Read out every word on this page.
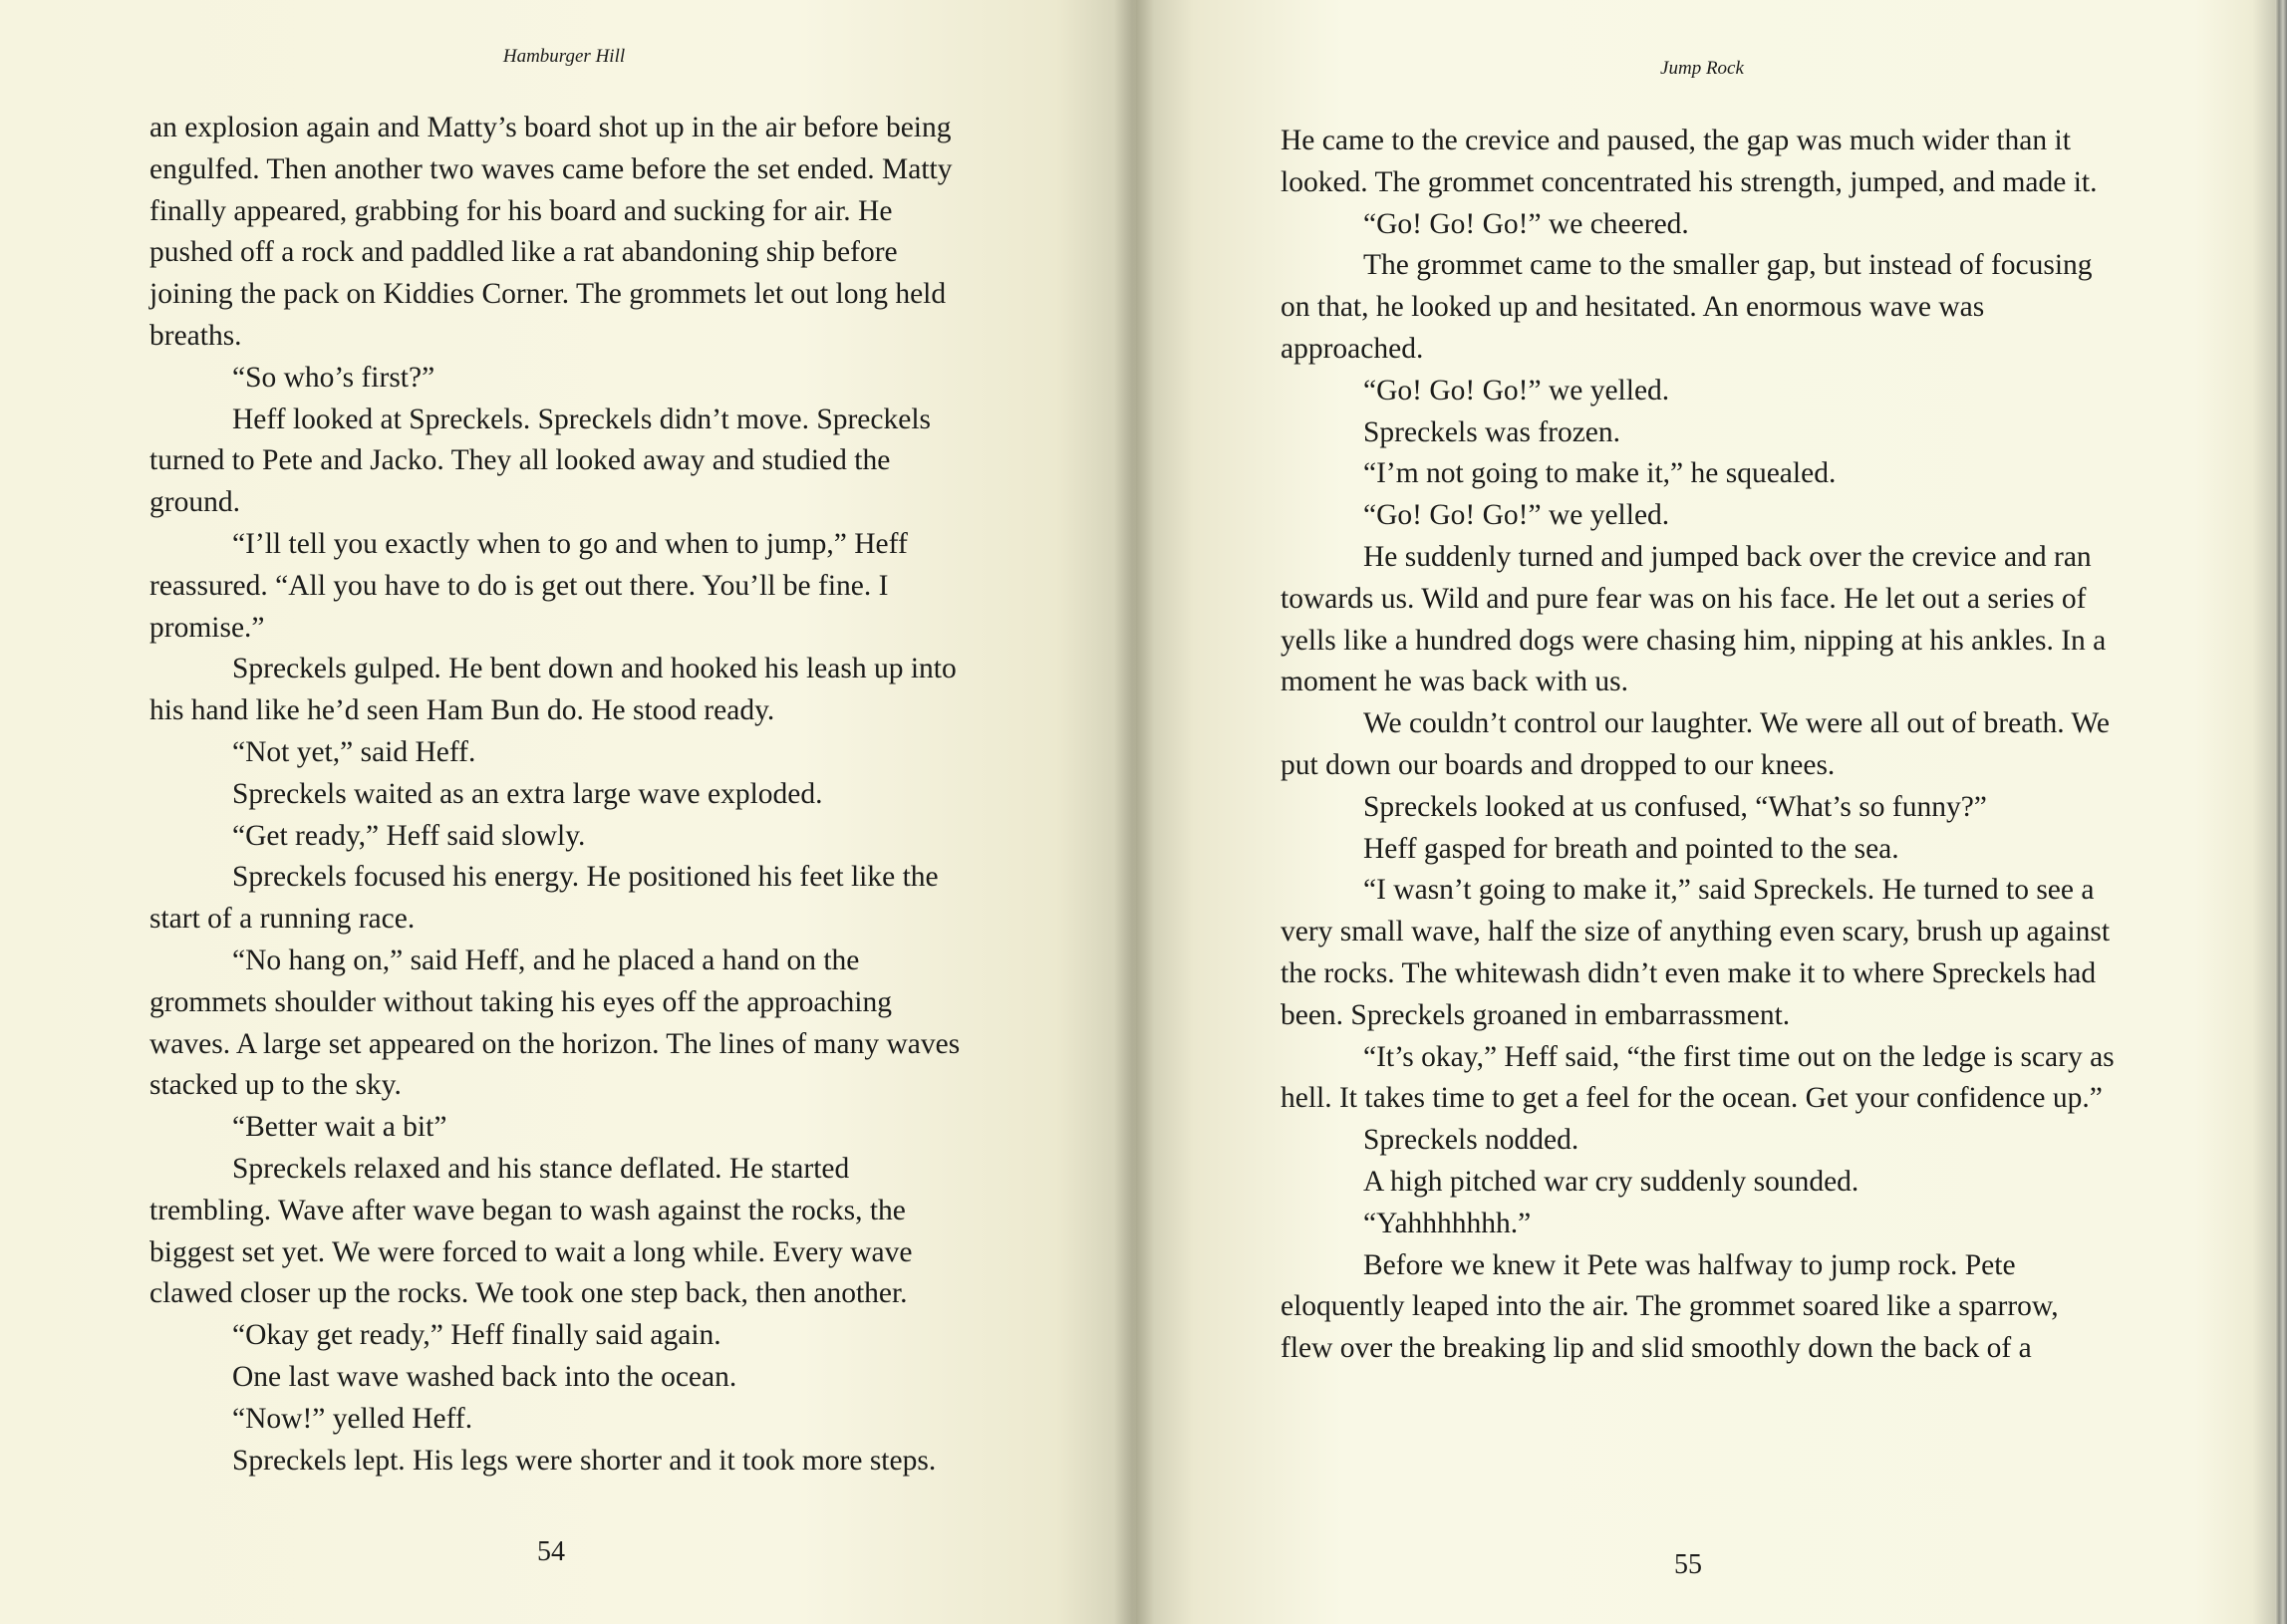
Hamburger Hill

an explosion again and Matty’s board shot up in the air before being engulfed. Then another two waves came before the set ended. Matty finally appeared, grabbing for his board and sucking for air. He pushed off a rock and paddled like a rat abandoning ship before joining the pack on Kiddies Corner. The grommets let out long held breaths.

“So who’s first?”

Heff looked at Spreckels. Spreckels didn’t move. Spreckels turned to Pete and Jacko. They all looked away and studied the ground.

“I’ll tell you exactly when to go and when to jump,” Heff reassured. “All you have to do is get out there. You’ll be fine. I promise.”

Spreckels gulped. He bent down and hooked his leash up into his hand like he’d seen Ham Bun do. He stood ready.

“Not yet,” said Heff.

Spreckels waited as an extra large wave exploded.

“Get ready,” Heff said slowly.

Spreckels focused his energy. He positioned his feet like the start of a running race.

“No hang on,” said Heff, and he placed a hand on the grommets shoulder without taking his eyes off the approaching waves. A large set appeared on the horizon. The lines of many waves stacked up to the sky.

“Better wait a bit”

Spreckels relaxed and his stance deflated. He started trembling. Wave after wave began to wash against the rocks, the biggest set yet. We were forced to wait a long while. Every wave clawed closer up the rocks. We took one step back, then another.

“Okay get ready,” Heff finally said again.

One last wave washed back into the ocean.

“Now!” yelled Heff.

Spreckels lept. His legs were shorter and it took more steps.

54
Jump Rock

He came to the crevice and paused, the gap was much wider than it looked. The grommet concentrated his strength, jumped, and made it.

“Go! Go! Go!” we cheered.

The grommet came to the smaller gap, but instead of focusing on that, he looked up and hesitated. An enormous wave was approached.

“Go! Go! Go!” we yelled.

Spreckels was frozen.

“I’m not going to make it,” he squealed.

“Go! Go! Go!” we yelled.

He suddenly turned and jumped back over the crevice and ran towards us. Wild and pure fear was on his face. He let out a series of yells like a hundred dogs were chasing him, nipping at his ankles. In a moment he was back with us.

We couldn’t control our laughter. We were all out of breath. We put down our boards and dropped to our knees.

Spreckels looked at us confused, “What’s so funny?”

Heff gasped for breath and pointed to the sea.

“I wasn’t going to make it,” said Spreckels. He turned to see a very small wave, half the size of anything even scary, brush up against the rocks. The whitewash didn’t even make it to where Spreckels had been. Spreckels groaned in embarrassment.

“It’s okay,” Heff said, “the first time out on the ledge is scary as hell. It takes time to get a feel for the ocean. Get your confidence up.”

Spreckels nodded.

A high pitched war cry suddenly sounded.

“Yahhhhhhh.”

Before we knew it Pete was halfway to jump rock. Pete eloquently leaped into the air. The grommet soared like a sparrow, flew over the breaking lip and slid smoothly down the back of a

55
